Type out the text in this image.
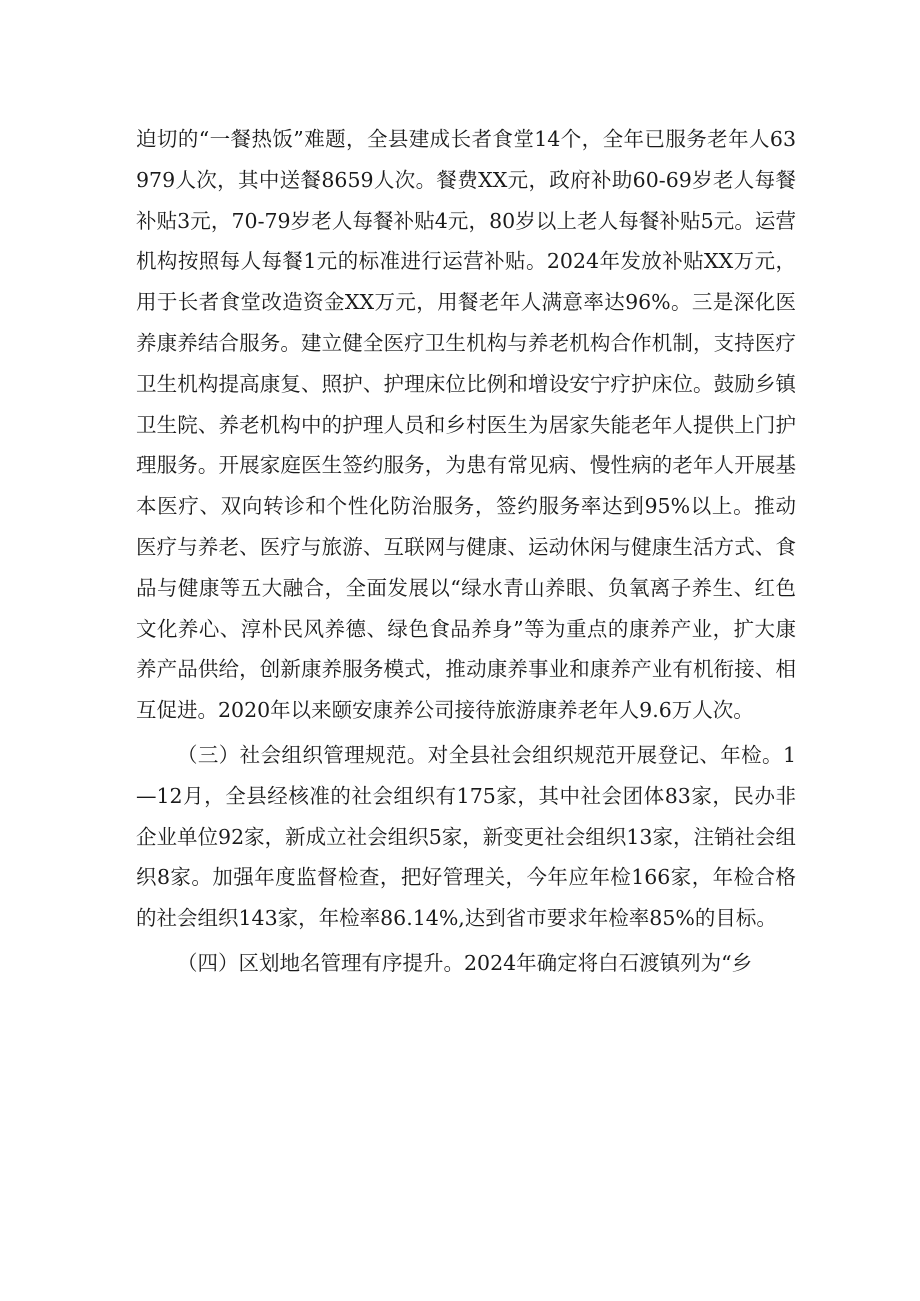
迫切的“一餐热饭”难题，全县建成长者食堂14个，全年已服务老年人63979人次，其中送餐8659人次。餐费XX元，政府补助60-69岁老人每餐补贴3元，70-79岁老人每餐补贴4元，80岁以上老人每餐补贴5元。运营机构按照每人每餐1元的标准进行运营补贴。2024年发放补贴XX万元，用于长者食堂改造资金XX万元，用餐老年人满意率达96%。三是深化医养康养结合服务。建立健全医疗卫生机构与养老机构合作机制，支持医疗卫生机构提高康复、照护、护理床位比例和增设安宁疗护床位。鼓励乡镇卫生院、养老机构中的护理人员和乡村医生为居家失能老年人提供上门护理服务。开展家庭医生签约服务，为患有常见病、慢性病的老年人开展基本医疗、双向转诊和个性化防治服务，签约服务率达到95%以上。推动医疗与养老、医疗与旅游、互联网与健康、运动休闲与健康生活方式、食品与健康等五大融合，全面发展以“绿水青山养眼、负氧离子养生、红色文化养心、淳朴民风养德、绿色食品养身”等为重点的康养产业，扩大康养产品供给，创新康养服务模式，推动康养事业和康养产业有机衔接、相互促进。2020年以来颐安康养公司接待旅游康养老年人9.6万人次。

（三）社会组织管理规范。对全县社会组织规范开展登记、年检。1—12月，全县经核准的社会组织有175家，其中社会团体83家，民办非企业单位92家，新成立社会组织5家，新变更社会组织13家，注销社会组织8家。加强年度监督检查，把好管理关，今年应年检166家，年检合格的社会组织143家，年检率86.14%,达到省市要求年检率85%的目标。

（四）区划地名管理有序提升。2024年确定将白石渡镇列为“乡
